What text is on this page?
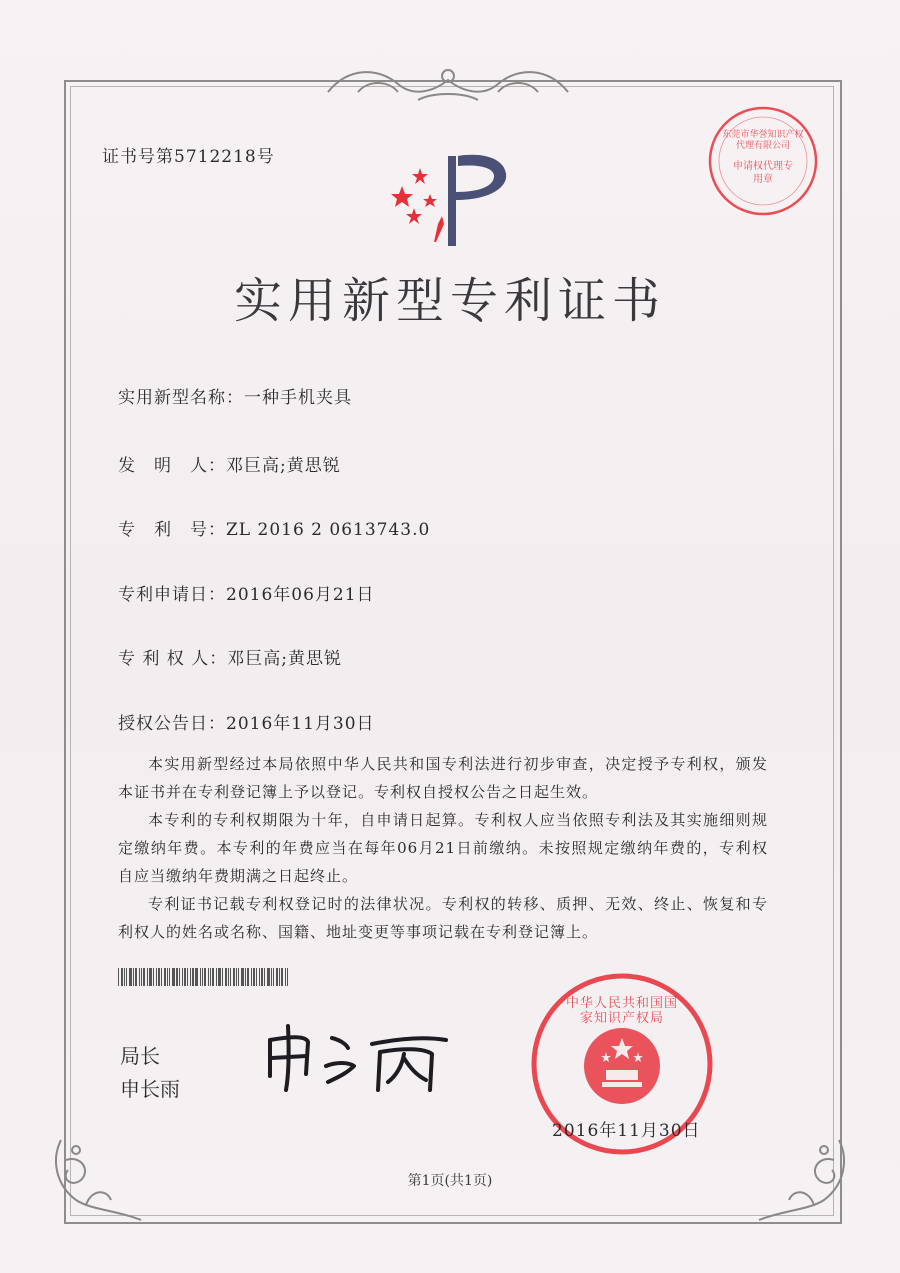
证书号第5712218号
东莞市华誉知识产权代理有限公司
申请权代理专用章
实用新型专利证书
实用新型名称：一种手机夹具
发　明　人：邓巨高;黄思锐
专　利　号：ZL 2016 2 0613743.0
专利申请日：2016年06月21日
专 利 权 人：邓巨高;黄思锐
授权公告日：2016年11月30日

本实用新型经过本局依照中华人民共和国专利法进行初步审查，决定授予专利权，颁发本证书并在专利登记簿上予以登记。专利权自授权公告之日起生效。

本专利的专利权期限为十年，自申请日起算。专利权人应当依照专利法及其实施细则规定缴纳年费。本专利的年费应当在每年06月21日前缴纳。未按照规定缴纳年费的，专利权自应当缴纳年费期满之日起终止。

专利证书记载专利权登记时的法律状况。专利权的转移、质押、无效、终止、恢复和专利权人的姓名或名称、国籍、地址变更等事项记载在专利登记簿上。

局长
申长雨
中华人民共和国国家知识产权局
2016年11月30日
第1页(共1页)
